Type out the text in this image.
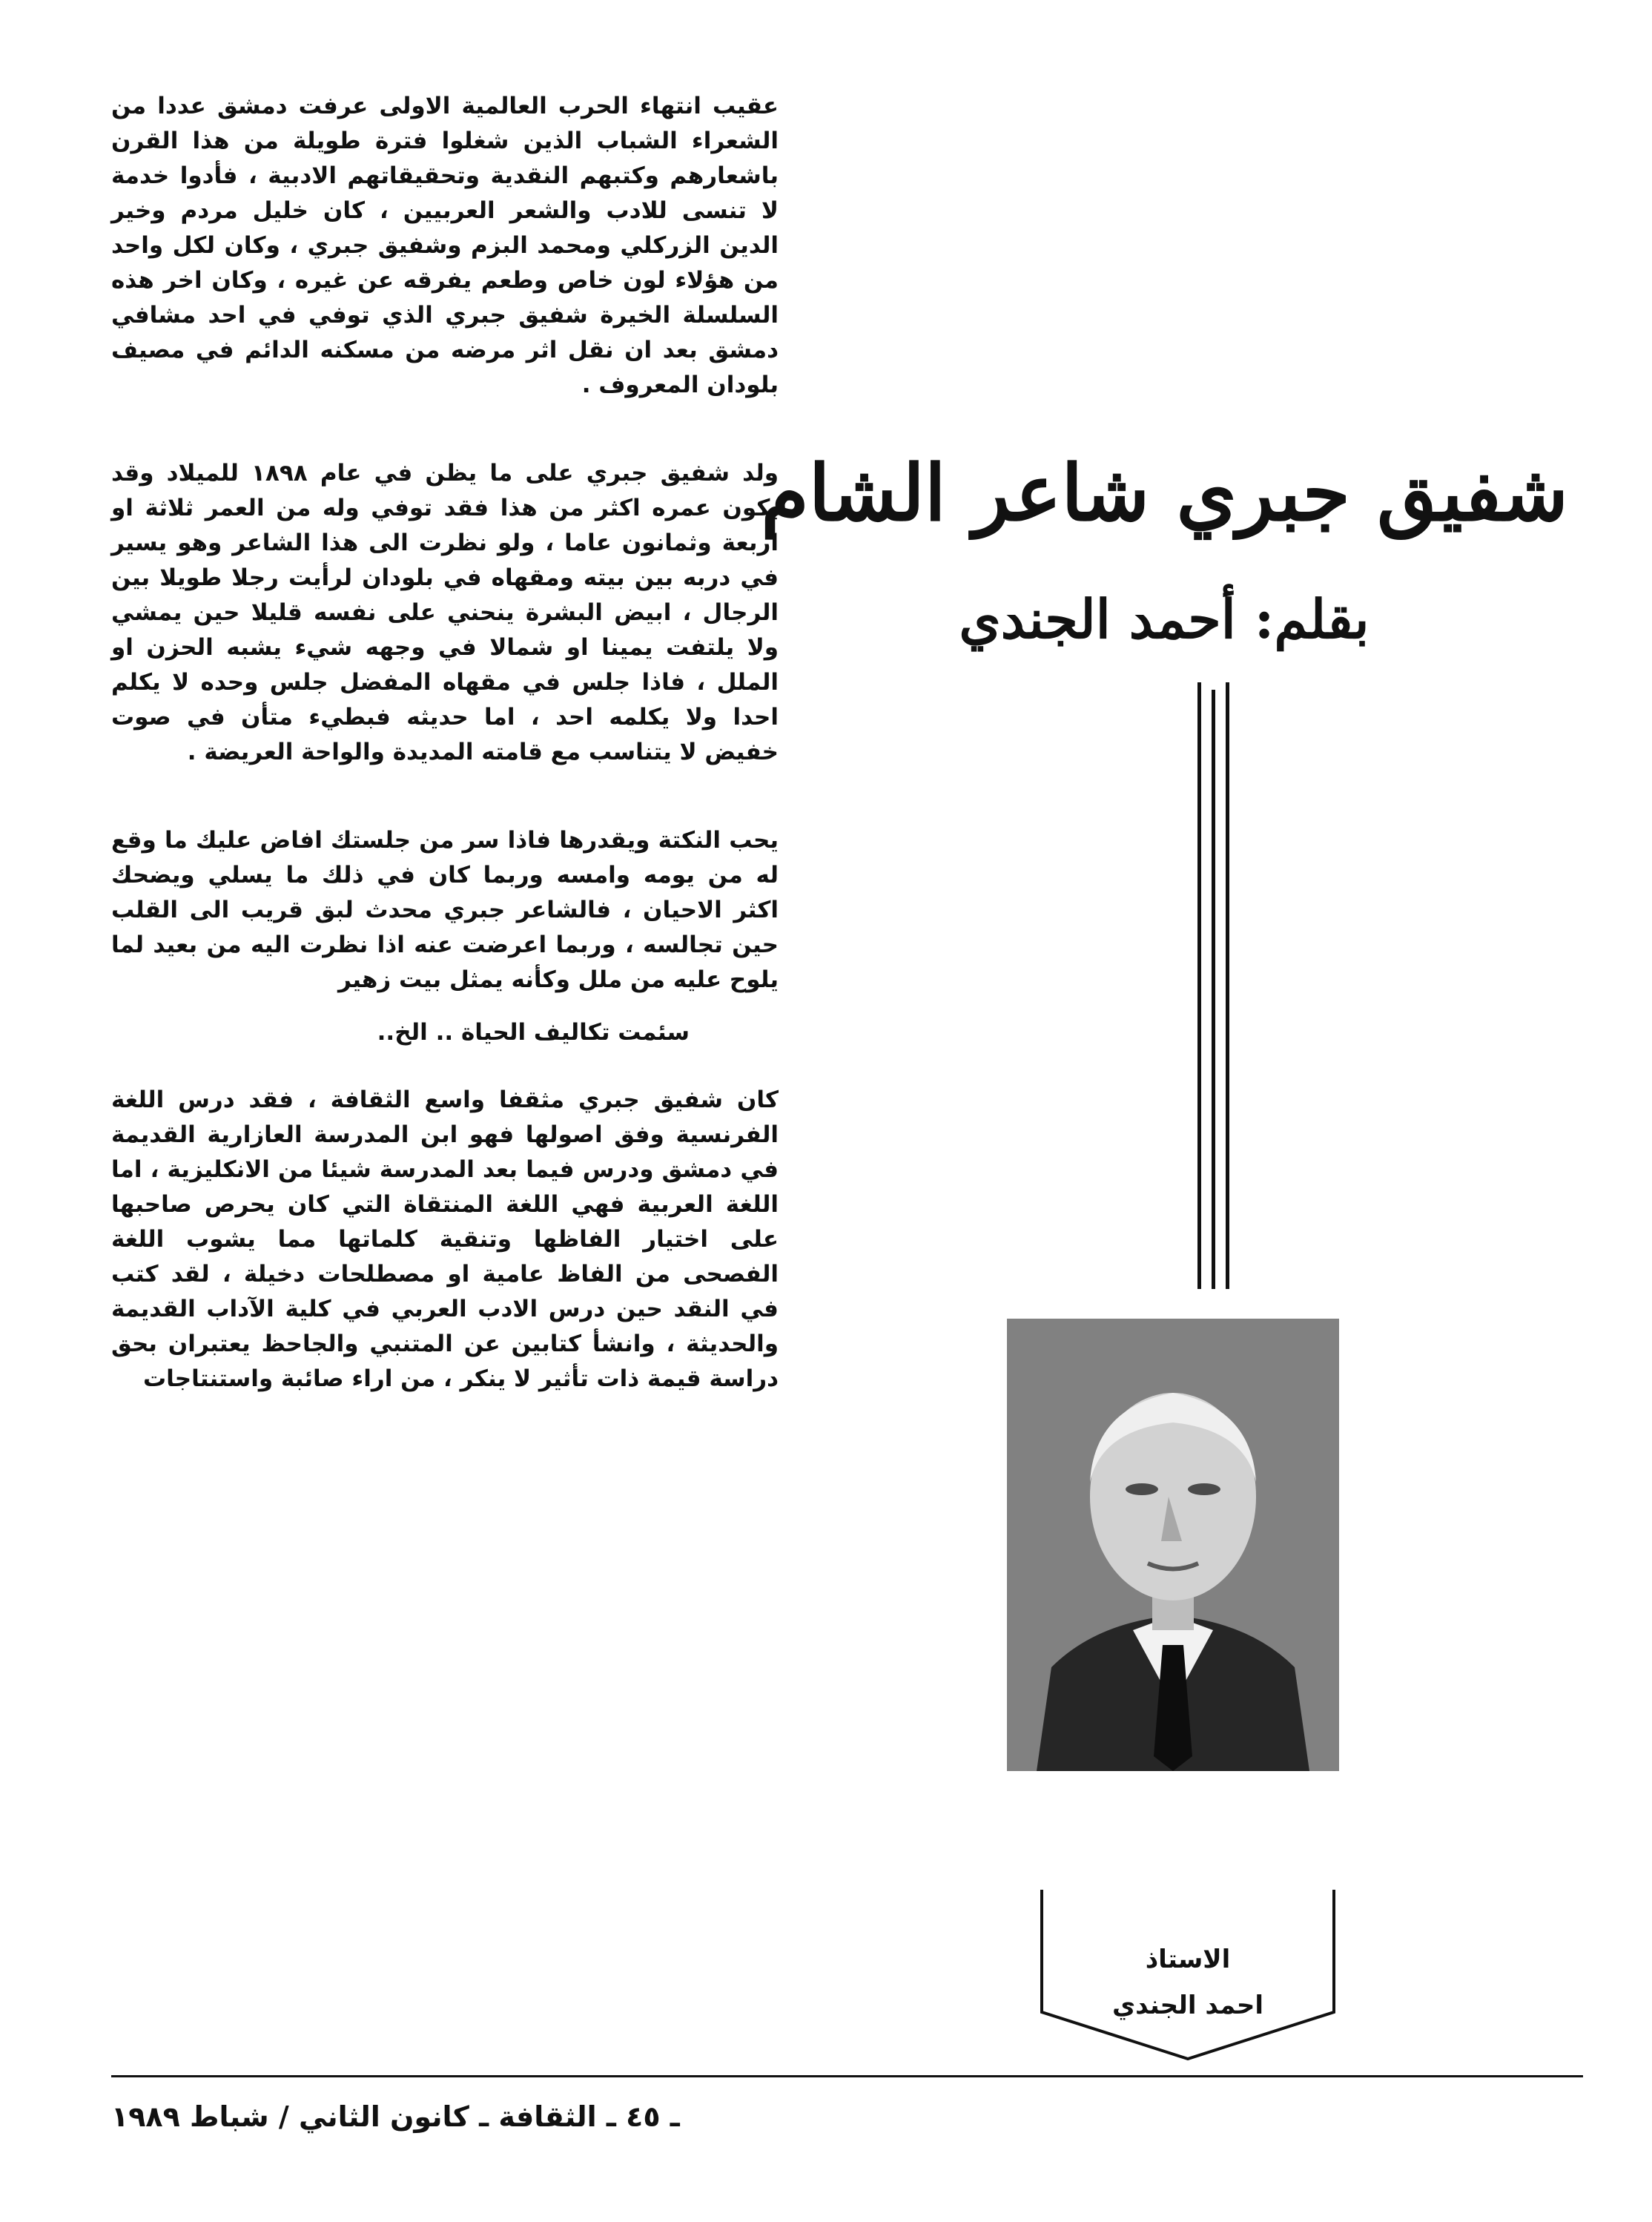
عقيب انتهاء الحرب العالمية الاولى عرفت دمشق عددا من الشعراء الشباب الذين شغلوا فترة طويلة من هذا القرن باشعارهم وكتبهم النقدية وتحقيقاتهم الادبية ، فأدوا خدمة لا تنسى للادب والشعر العربيين ، كان خليل مردم وخير الدين الزركلي ومحمد البزم وشفيق جبري ، وكان لكل واحد من هؤلاء لون خاص وطعم يفرقه عن غيره ، وكان اخر هذه السلسلة الخيرة شفيق جبري الذي توفي في احد مشافي دمشق بعد ان نقل اثر مرضه من مسكنه الدائم في مصيف بلودان المعروف .

ولد شفيق جبري على ما يظن في عام ١٨٩٨ للميلاد وقد يكون عمره اكثر من هذا فقد توفي وله من العمر ثلاثة او اربعة وثمانون عاما ، ولو نظرت الى هذا الشاعر وهو يسير في دربه بين بيته ومقهاه في بلودان لرأيت رجلا طويلا بين الرجال ، ابيض البشرة ينحني على نفسه قليلا حين يمشي ولا يلتفت يمينا او شمالا في وجهه شيء يشبه الحزن او الملل ، فاذا جلس في مقهاه المفضل جلس وحده لا يكلم احدا ولا يكلمه احد ، اما حديثه فبطيء متأن في صوت خفيض لا يتناسب مع قامته المديدة والواحة العريضة .

يحب النكتة ويقدرها فاذا سر من جلستك افاض عليك ما وقع له من يومه وامسه وربما كان في ذلك ما يسلي ويضحك اكثر الاحيان ، فالشاعر جبري محدث لبق قريب الى القلب حين تجالسه ، وربما اعرضت عنه اذا نظرت اليه من بعيد لما يلوح عليه من ملل وكأنه يمثل بيت زهير

سئمت تكاليف الحياة .. الخ..

كان شفيق جبري مثقفا واسع الثقافة ، فقد درس اللغة الفرنسية وفق اصولها فهو ابن المدرسة العازارية القديمة في دمشق ودرس فيما بعد المدرسة شيئا من الانكليزية ، اما اللغة العربية فهي اللغة المنتقاة التي كان يحرص صاحبها على اختيار الفاظها وتنقية كلماتها مما يشوب اللغة الفصحى من الفاظ عامية او مصطلحات دخيلة ، لقد كتب في النقد حين درس الادب العربي في كلية الآداب القديمة والحديثة ، وانشأ كتابين عن المتنبي والجاحظ يعتبران بحق دراسة قيمة ذات تأثير لا ينكر ، من اراء صائبة واستنتاجات

شفيق جبري شاعر الشام
بقلم: أحمد الجندي
الاستاذ
احمد الجندي
ـ ٤٥ ـ الثقافة ـ كانون الثاني / شباط ١٩٨٩
